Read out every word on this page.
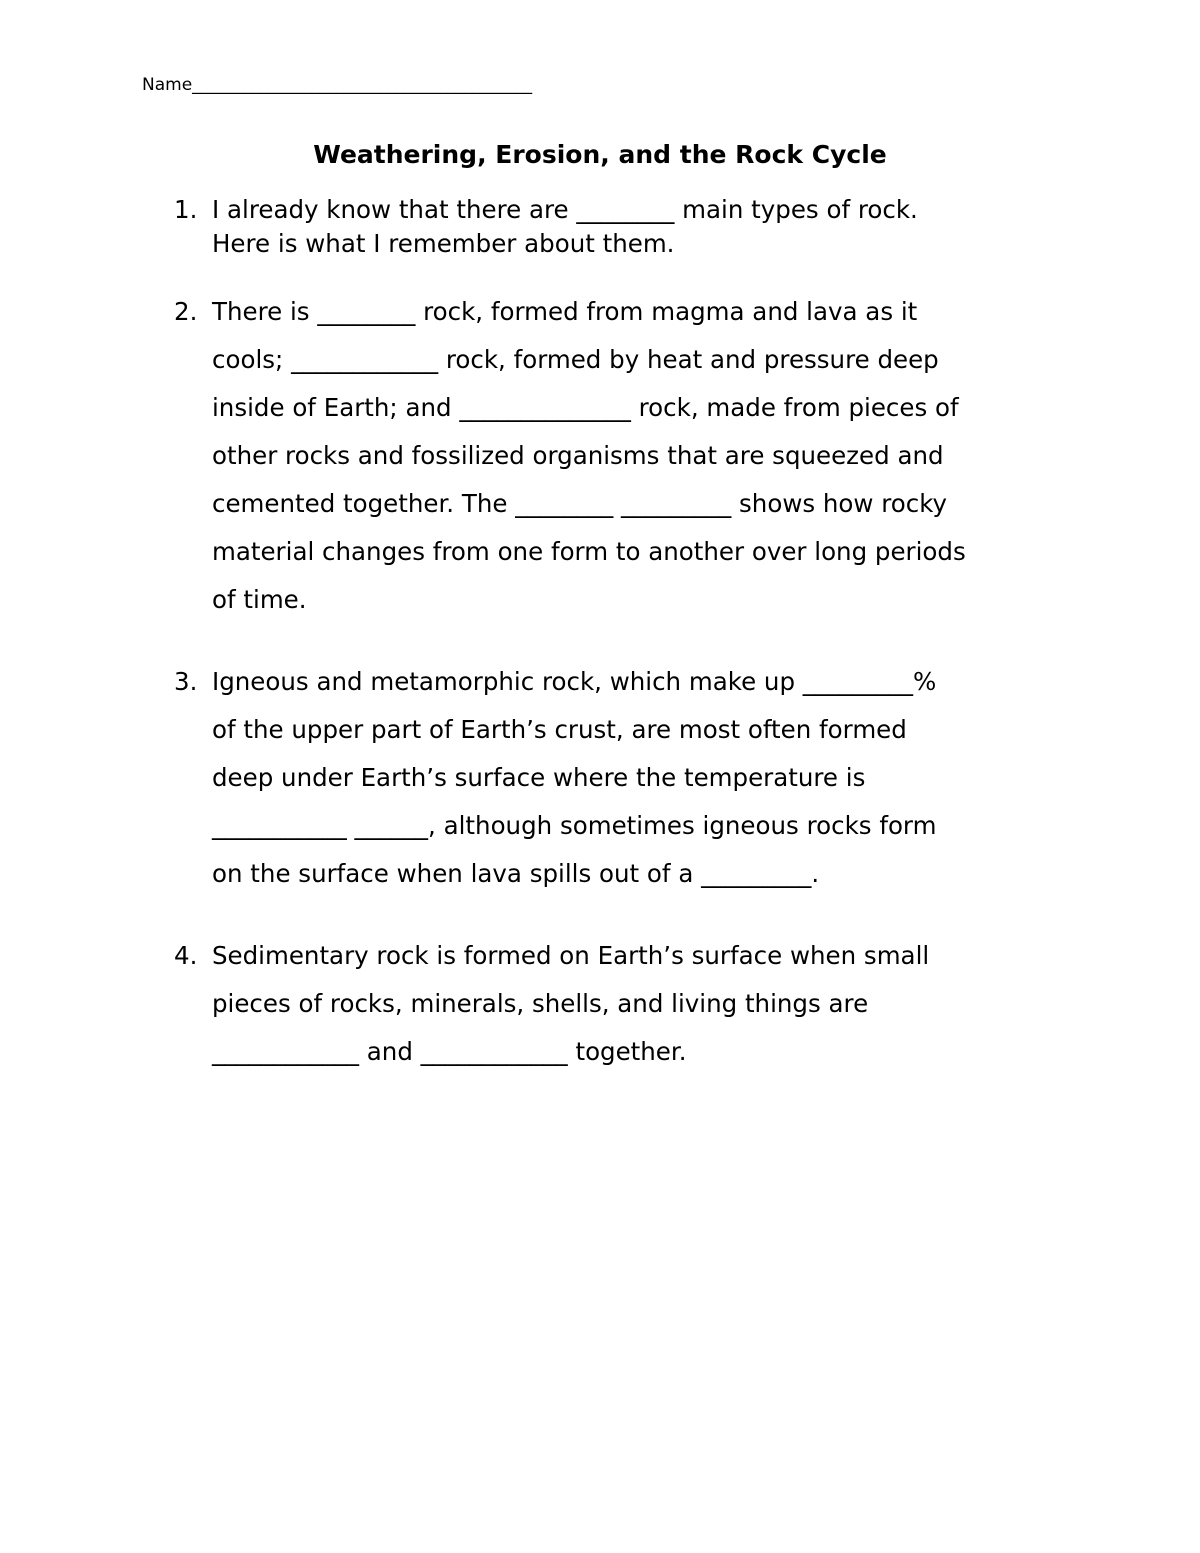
Name________________________________________
Weathering, Erosion, and the Rock Cycle
1. I already know that there are ________ main types of rock.
Here is what I remember about them.
2. There is ________ rock, formed from magma and lava as it
cools; ____________ rock, formed by heat and pressure deep
inside of Earth; and ______________ rock, made from pieces of
other rocks and fossilized organisms that are squeezed and
cemented together. The ________ _________ shows how rocky
material changes from one form to another over long periods
of time.
3. Igneous and metamorphic rock, which make up _________%
of the upper part of Earth’s crust, are most often formed
deep under Earth’s surface where the temperature is
___________ ______, although sometimes igneous rocks form
on the surface when lava spills out of a _________.
4. Sedimentary rock is formed on Earth’s surface when small
pieces of rocks, minerals, shells, and living things are
____________ and ____________ together.
